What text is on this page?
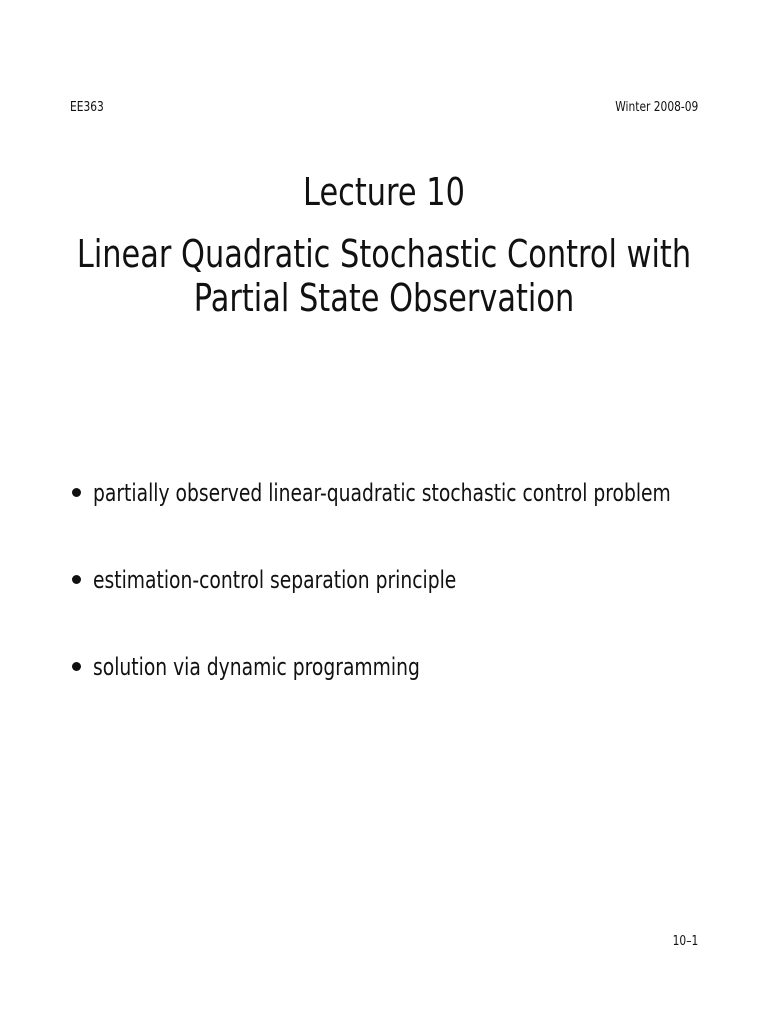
EE363	Winter 2008-09
Lecture 10
Linear Quadratic Stochastic Control with
Partial State Observation
partially observed linear-quadratic stochastic control problem
estimation-control separation principle
solution via dynamic programming
10–1
